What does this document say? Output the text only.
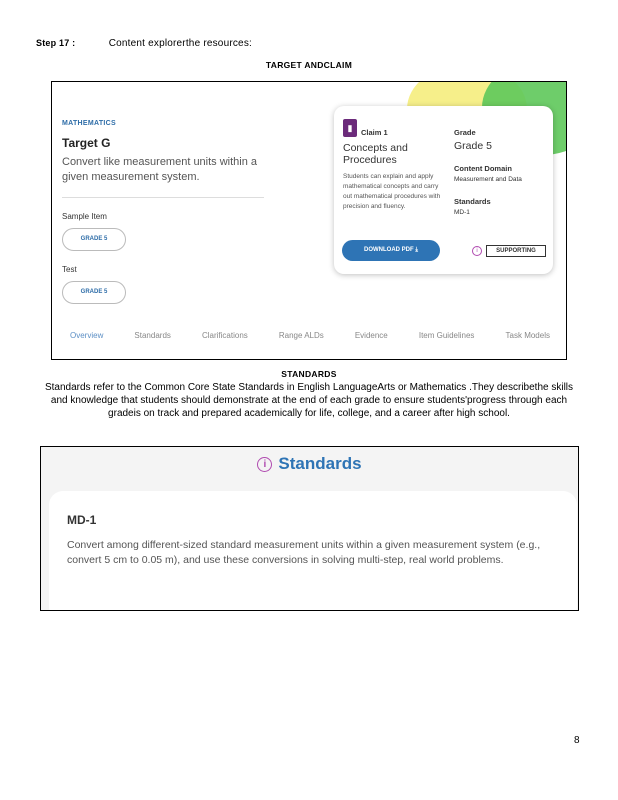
Step 17 :	Content explorerthe resources:
TARGET ANDCLAIM
MATHEMATICS
Target G
Convert like measurement units within a given measurement system.
Sample Item
GRADE 5
Test
GRADE 5
▮	Claim 1
Concepts and Procedures
Students can explain and apply mathematical concepts and carry out mathematical procedures with precision and fluency.
Grade
Grade 5
Content Domain
Measurement and Data
Standards
MD-1
DOWNLOAD PDF ⤓	i	SUPPORTING
Overview	Standards	Clarifications	Range ALDs	Evidence	Item Guidelines	Task Models
STANDARDS
Standards refer to the Common Core State Standards in English LanguageArts or Mathematics .They describethe skills and knowledge that students should demonstrate at the end of each grade to ensure students'progress through each gradeis on track and prepared academically for life, college, and a career after high school.
i Standards
MD-1
Convert among different-sized standard measurement units within a given measurement system (e.g., convert 5 cm to 0.05 m), and use these conversions in solving multi-step, real world problems.
8
